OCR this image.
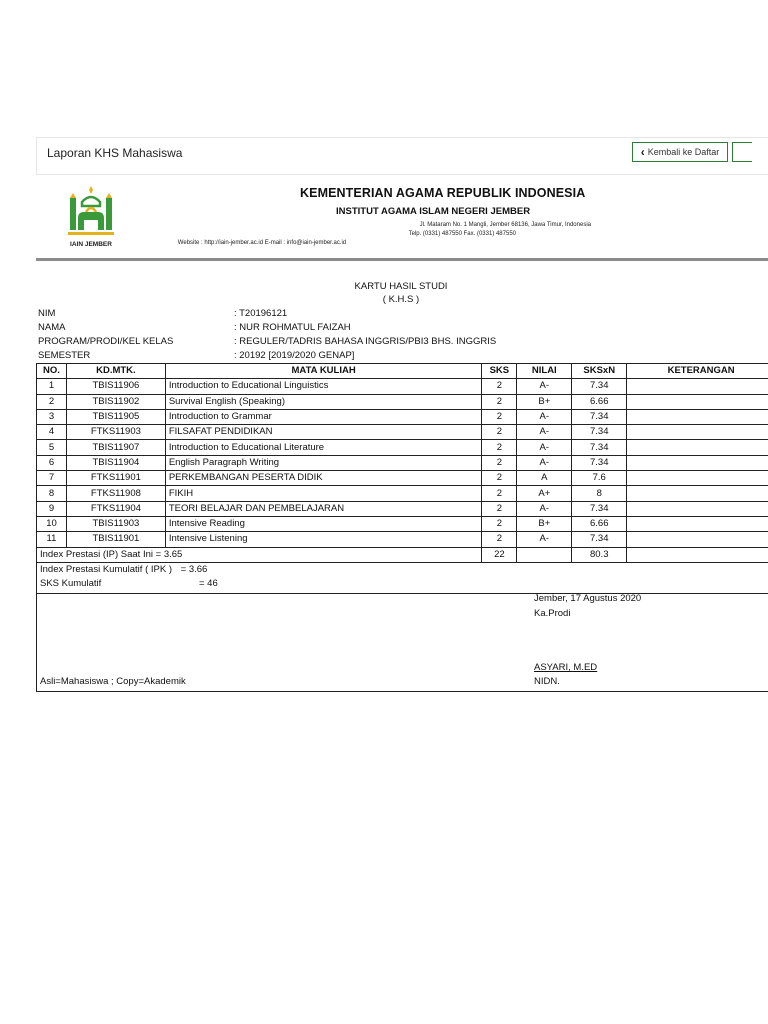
Laporan KHS Mahasiswa	‹ Kembali ke Daftar
IAIN JEMBER
KEMENTERIAN AGAMA REPUBLIK INDONESIA
INSTITUT AGAMA ISLAM NEGERI JEMBER
Jl. Mataram No. 1 Mangli, Jember 68136, Jawa Timur, Indonesia
Telp. (0331) 487550 Fax. (0331) 487550
Website : http://iain-jember.ac.id E-mail : info@iain-jember.ac.id
KARTU HASIL STUDI
( K.H.S )
NIM	: T20196121
NAMA	: NUR ROHMATUL FAIZAH
PROGRAM/PRODI/KEL KELAS	: REGULER/TADRIS BAHASA INGGRIS/PBI3 BHS. INGGRIS
SEMESTER	: 20192 [2019/2020 GENAP]
NO.	KD.MTK.	MATA KULIAH	SKS	NILAI	SKSxN	KETERANGAN
1	TBIS11906	Introduction to Educational Linguistics	2	A-	7.34	
2	TBIS11902	Survival English (Speaking)	2	B+	6.66	
3	TBIS11905	Introduction to Grammar	2	A-	7.34	
4	FTKS11903	FILSAFAT PENDIDIKAN	2	A-	7.34	
5	TBIS11907	Introduction to Educational Literature	2	A-	7.34	
6	TBIS11904	English Paragraph Writing	2	A-	7.34	
7	FTKS11901	PERKEMBANGAN PESERTA DIDIK	2	A	7.6	
8	FTKS11908	FIKIH	2	A+	8	
9	FTKS11904	TEORI BELAJAR DAN PEMBELAJARAN	2	A-	7.34	
10	TBIS11903	Intensive Reading	2	B+	6.66	
11	TBIS11901	Intensive Listening	2	A-	7.34	
Index Prestasi (IP) Saat Ini = 3.65			22		80.3	
Index Prestasi Kumulatif ( IPK ) = 3.66
SKS Kumulatif	= 46
Jember, 17 Agustus 2020
Ka.Prodi
ASYARI, M.ED
NIDN.
Asli=Mahasiswa ; Copy=Akademik
